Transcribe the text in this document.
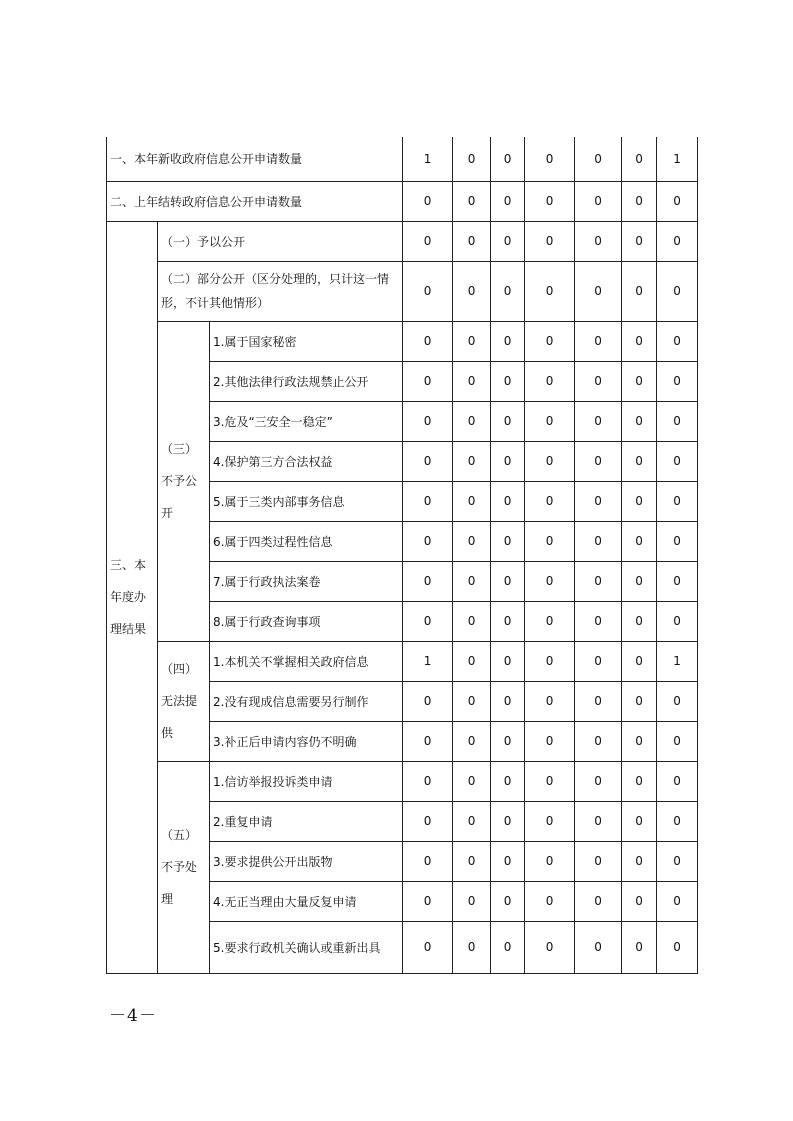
一、本年新收政府信息公开申请数量			1	0	0	0	0	0	1
二、上年结转政府信息公开申请数量			0	0	0	0	0	0	0

三、本
年度办
理结果	（一）予以公开		0	0	0	0	0	0	0

	（二）部分公开（区分处理的，只计这一情
形，不计其他情形）		0	0	0	0	0	0	0

	（三）
不予公
开	1.属于国家秘密	0	0	0	0	0	0	0
		2.其他法律行政法规禁止公开	0	0	0	0	0	0	0
		3.危及“三安全一稳定”	0	0	0	0	0	0	0
		4.保护第三方合法权益	0	0	0	0	0	0	0
		5.属于三类内部事务信息	0	0	0	0	0	0	0
		6.属于四类过程性信息	0	0	0	0	0	0	0
		7.属于行政执法案卷	0	0	0	0	0	0	0
		8.属于行政查询事项	0	0	0	0	0	0	0

	（四）
无法提
供	1.本机关不掌握相关政府信息	1	0	0	0	0	0	1
		2.没有现成信息需要另行制作	0	0	0	0	0	0	0
		3.补正后申请内容仍不明确	0	0	0	0	0	0	0

	（五）
不予处
理	1.信访举报投诉类申请	0	0	0	0	0	0	0
		2.重复申请	0	0	0	0	0	0	0
		3.要求提供公开出版物	0	0	0	0	0	0	0
		4.无正当理由大量反复申请	0	0	0	0	0	0	0
		5.要求行政机关确认或重新出具	0	0	0	0	0	0	0
－4－
